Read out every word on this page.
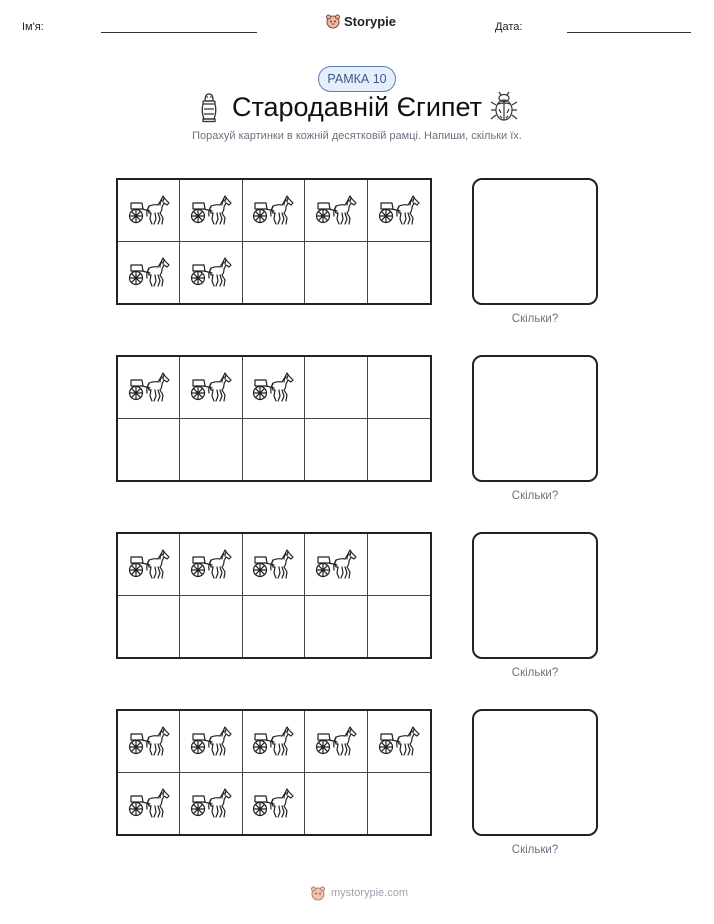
Ім'я:	Storypie	Дата:
РАМКА 10
Стародавній Єгипет
Порахуй картинки в кожній десятковій рамці. Напиши, скільки їх.
Скільки?
Скільки?
Скільки?
Скільки?
mystorypie.com
